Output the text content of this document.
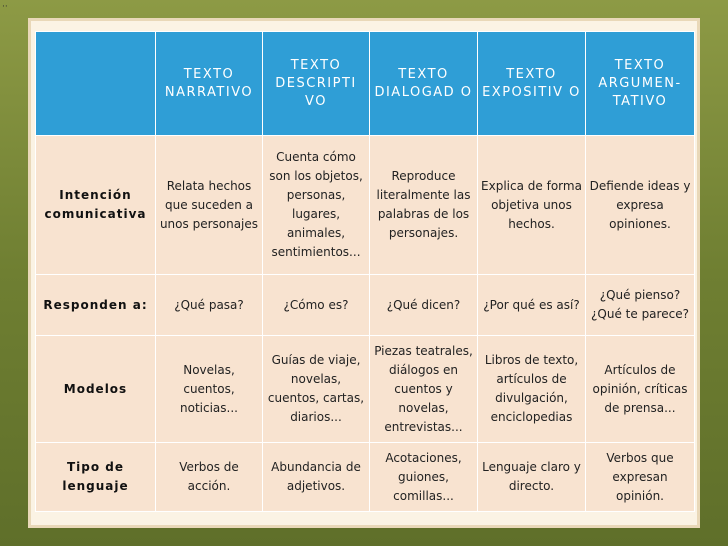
··
	TEXTO NARRATIVO	TEXTO DESCRIPTI VO	TEXTO DIALOGAD O	TEXTO EXPOSITIV O	TEXTO ARGUMEN-TATIVO
Intención comunicativa	Relata hechos que suceden a unos personajes	Cuenta cómo son los objetos, personas, lugares, animales, sentimientos...	Reproduce literalmente las palabras de los personajes.	Explica de forma objetiva unos hechos.	Defiende ideas y expresa opiniones.
Responden a:	¿Qué pasa?	¿Cómo es?	¿Qué dicen?	¿Por qué es así?	¿Qué pienso? ¿Qué te parece?
Modelos	Novelas, cuentos, noticias...	Guías de viaje, novelas, cuentos, cartas, diarios...	Piezas teatrales, diálogos en cuentos y novelas, entrevistas...	Libros de texto, artículos de divulgación, enciclopedias	Artículos de opinión, críticas de prensa...
Tipo de lenguaje	Verbos de acción.	Abundancia de adjetivos.	Acotaciones, guiones, comillas...	Lenguaje claro y directo.	Verbos que expresan opinión.
